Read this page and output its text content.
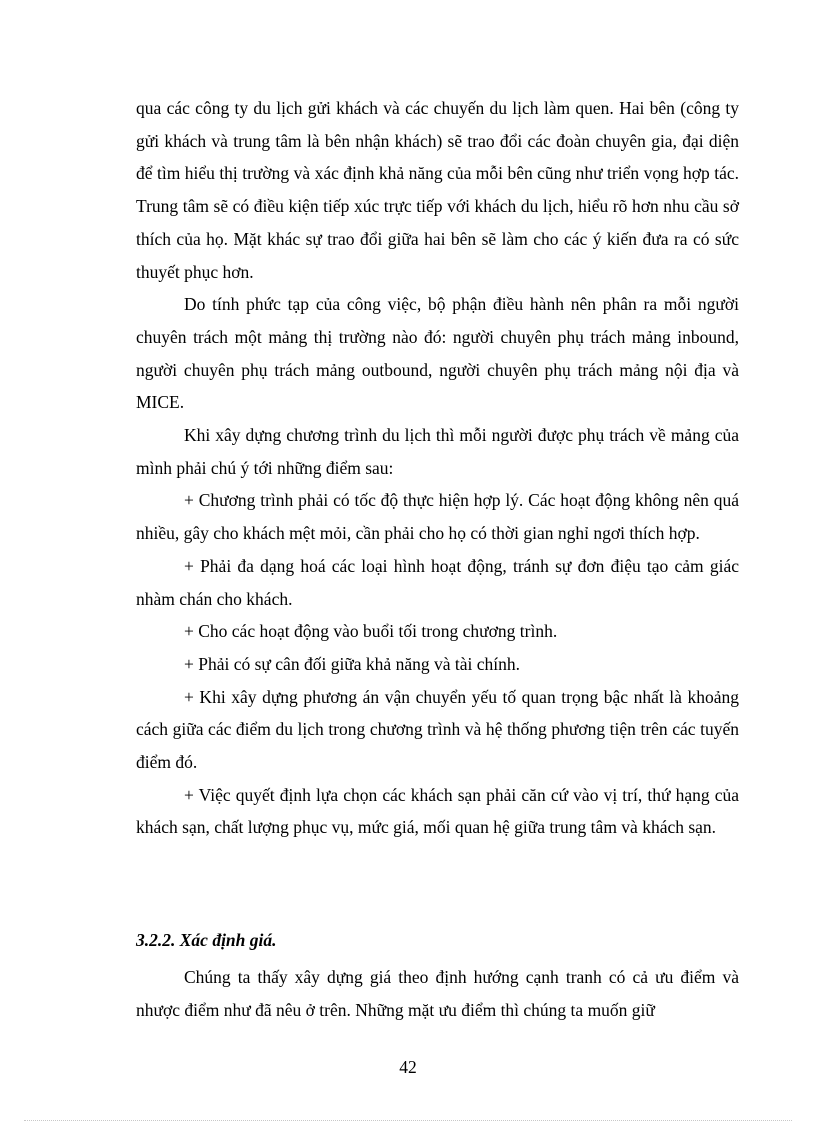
qua các công ty du lịch gửi khách và các chuyến du lịch làm quen. Hai bên (công ty gửi khách và trung tâm là bên nhận khách) sẽ trao đổi các đoàn chuyên gia, đại diện để tìm hiểu thị trường và xác định khả năng của mỗi bên cũng như triển vọng hợp tác. Trung tâm sẽ có điều kiện tiếp xúc trực tiếp với khách du lịch, hiểu rõ hơn nhu cầu sở thích của họ. Mặt khác sự trao đổi giữa hai bên sẽ làm cho các ý kiến đưa ra có sức thuyết phục hơn.

Do tính phức tạp của công việc, bộ phận điều hành nên phân ra mỗi người chuyên trách một mảng thị trường nào đó: người chuyên phụ trách mảng inbound, người chuyên phụ trách mảng outbound, người chuyên phụ trách mảng nội địa và MICE.

Khi xây dựng chương trình du lịch thì mỗi người được phụ trách về mảng của mình phải chú ý tới những điểm sau:

+ Chương trình phải có tốc độ thực hiện hợp lý. Các hoạt động không nên quá nhiều, gây cho khách mệt mỏi, cần phải cho họ có thời gian nghỉ ngơi thích hợp.

+ Phải đa dạng hoá các loại hình hoạt động, tránh sự đơn điệu tạo cảm giác nhàm chán cho khách.

+ Cho các hoạt động vào buổi tối trong chương trình.

+ Phải có sự cân đối giữa khả năng và tài chính.

+ Khi xây dựng phương án vận chuyển yếu tố quan trọng bậc nhất là khoảng cách giữa các điểm du lịch trong chương trình và hệ thống phương tiện trên các tuyến điểm đó.

+ Việc quyết định lựa chọn các khách sạn phải căn cứ vào vị trí, thứ hạng của khách sạn, chất lượng phục vụ, mức giá, mối quan hệ giữa trung tâm và khách sạn.

3.2.2. Xác định giá.

Chúng ta thấy xây dựng giá theo định hướng cạnh tranh có cả ưu điểm và nhược điểm như đã nêu ở trên. Những mặt ưu điểm thì chúng ta muốn giữ

42
